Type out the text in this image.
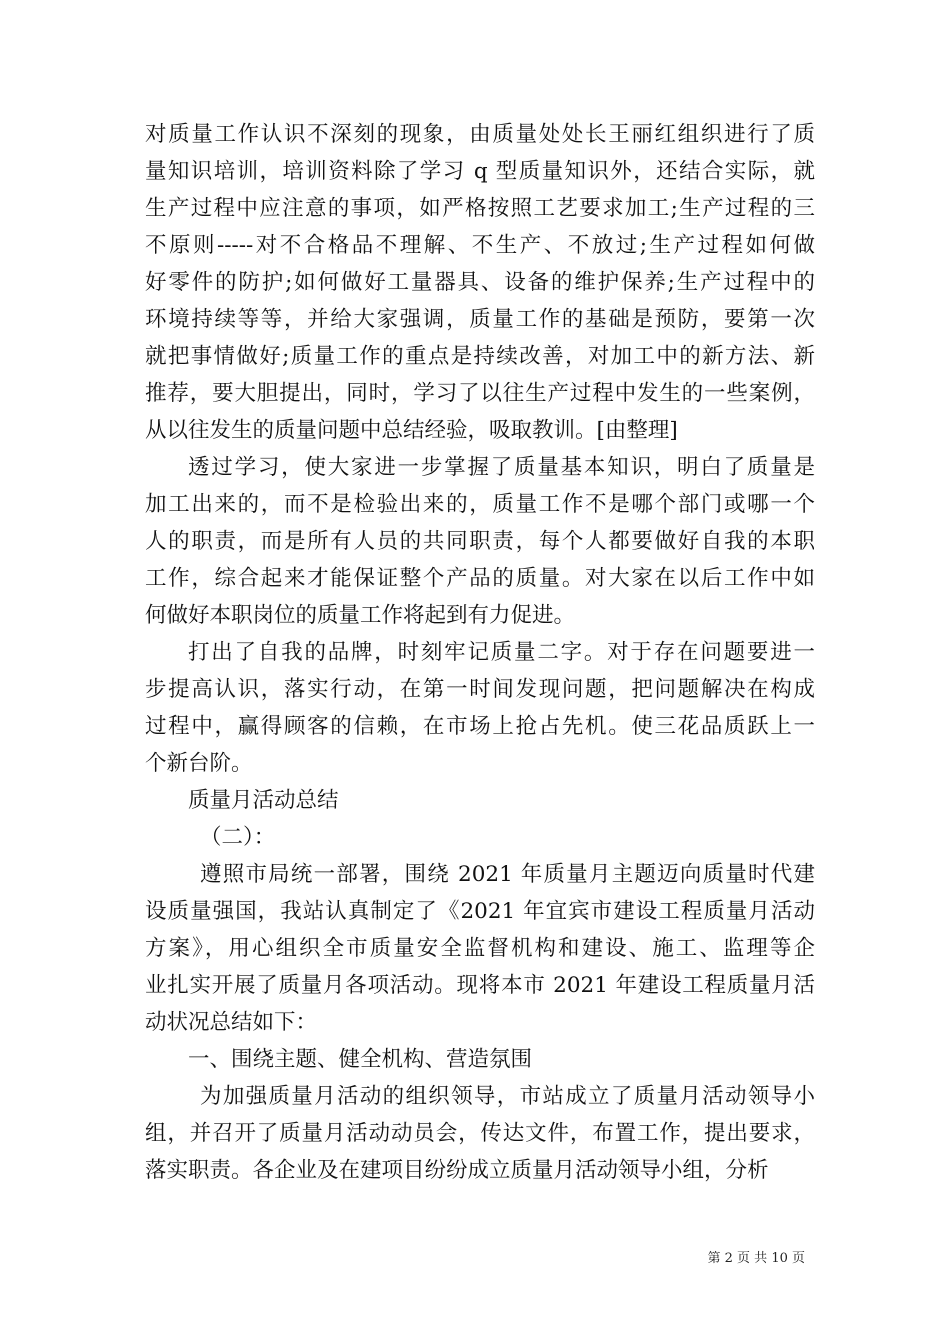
对质量工作认识不深刻的现象，由质量处处长王丽红组织进行了质
量知识培训，培训资料除了学习 q 型质量知识外，还结合实际，就
生产过程中应注意的事项，如严格按照工艺要求加工;生产过程的三
不原则-----对不合格品不理解、不生产、不放过;生产过程如何做
好零件的防护;如何做好工量器具、设备的维护保养;生产过程中的
环境持续等等，并给大家强调，质量工作的基础是预防，要第一次
就把事情做好;质量工作的重点是持续改善，对加工中的新方法、新
推荐，要大胆提出，同时，学习了以往生产过程中发生的一些案例，
从以往发生的质量问题中总结经验，吸取教训。[由整理]
透过学习，使大家进一步掌握了质量基本知识，明白了质量是
加工出来的，而不是检验出来的，质量工作不是哪个部门或哪一个
人的职责，而是所有人员的共同职责，每个人都要做好自我的本职
工作，综合起来才能保证整个产品的质量。对大家在以后工作中如
何做好本职岗位的质量工作将起到有力促进。
打出了自我的品牌，时刻牢记质量二字。对于存在问题要进一
步提高认识，落实行动，在第一时间发现问题，把问题解决在构成
过程中，赢得顾客的信赖，在市场上抢占先机。使三花品质跃上一
个新台阶。
质量月活动总结
（二）：
遵照市局统一部署，围绕 2021 年质量月主题迈向质量时代建
设质量强国，我站认真制定了《2021 年宜宾市建设工程质量月活动
方案》，用心组织全市质量安全监督机构和建设、施工、监理等企
业扎实开展了质量月各项活动。现将本市 2021 年建设工程质量月活
动状况总结如下：
一、围绕主题、健全机构、营造氛围
为加强质量月活动的组织领导，市站成立了质量月活动领导小
组，并召开了质量月活动动员会，传达文件，布置工作，提出要求，
落实职责。各企业及在建项目纷纷成立质量月活动领导小组，分析
第 2 页 共 10 页
